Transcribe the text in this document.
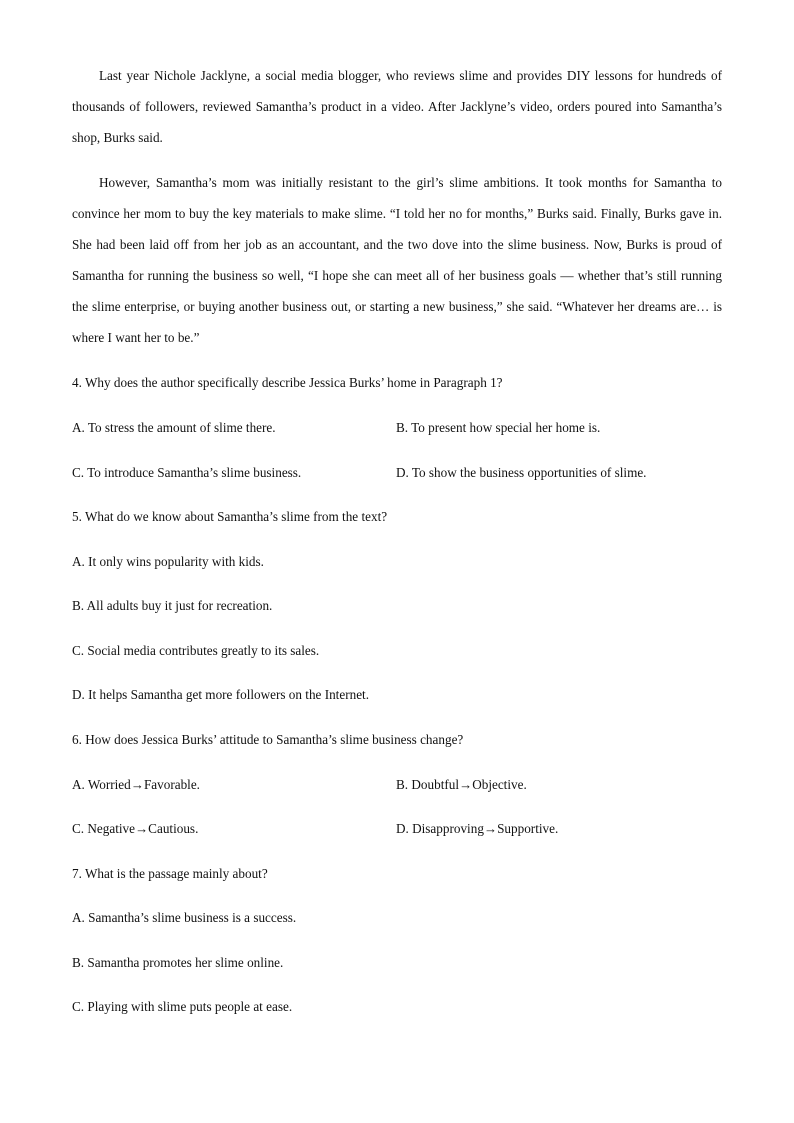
Last year Nichole Jacklyne, a social media blogger, who reviews slime and provides DIY lessons for hundreds of thousands of followers, reviewed Samantha’s product in a video. After Jacklyne’s video, orders poured into Samantha’s shop, Burks said.

However, Samantha’s mom was initially resistant to the girl’s slime ambitions. It took months for Samantha to convince her mom to buy the key materials to make slime. “I told her no for months,” Burks said. Finally, Burks gave in. She had been laid off from her job as an accountant, and the two dove into the slime business. Now, Burks is proud of Samantha for running the business so well, “I hope she can meet all of her business goals — whether that’s still running the slime enterprise, or buying another business out, or starting a new business,” she said. “Whatever her dreams are… is where I want her to be.”

4. Why does the author specifically describe Jessica Burks’ home in Paragraph 1?
A. To stress the amount of slime there.	B. To present how special her home is.
C. To introduce Samantha’s slime business.	D. To show the business opportunities of slime.
5. What do we know about Samantha’s slime from the text?
A. It only wins popularity with kids.
B. All adults buy it just for recreation.
C. Social media contributes greatly to its sales.
D. It helps Samantha get more followers on the Internet.
6. How does Jessica Burks’ attitude to Samantha’s slime business change?
A. Worried→Favorable.	B. Doubtful→Objective.
C. Negative→Cautious.	D. Disapproving→Supportive.
7. What is the passage mainly about?
A. Samantha’s slime business is a success.
B. Samantha promotes her slime online.
C. Playing with slime puts people at ease.
